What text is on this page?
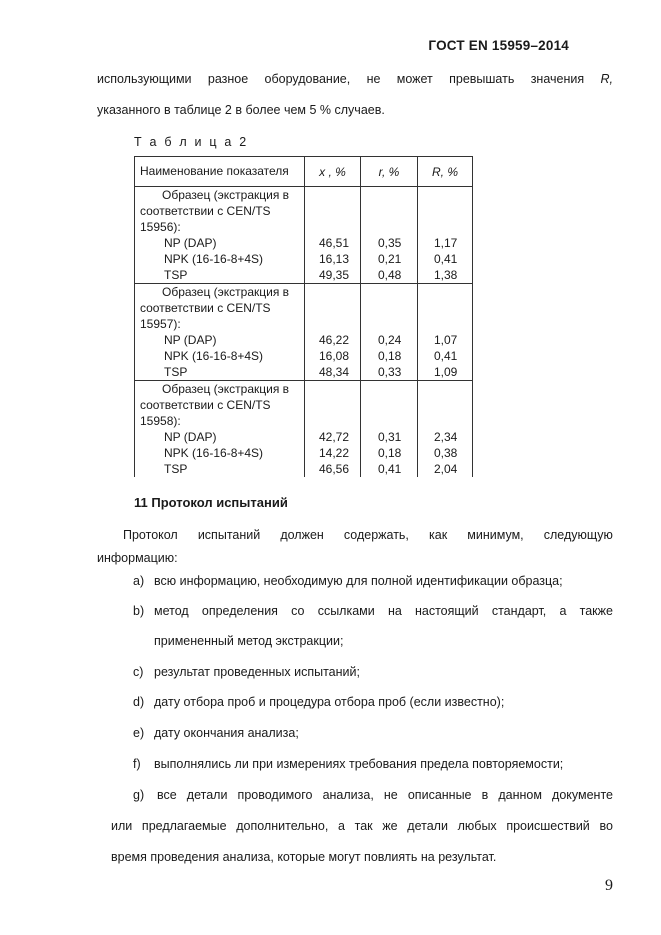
ГОСТ EN 15959–2014
использующими разное оборудование, не может превышать значения R,
указанного в таблице 2 в более чем 5 % случаев.
Т а б л и ц а 2
Наименование показателя	x , %	r, %	R, %

Образец (экстракция в соответствии с CEN/TS 15956):			

NP (DAP)	46,51	0,35	1,17
NPK (16-16-8+4S)	16,13	0,21	0,41
TSP	49,35	0,48	1,38

Образец (экстракция в соответствии с CEN/TS 15957):			

NP (DAP)	46,22	0,24	1,07
NPK (16-16-8+4S)	16,08	0,18	0,41
TSP	48,34	0,33	1,09

Образец (экстракция в соответствии с CEN/TS 15958):			

NP (DAP)	42,72	0,31	2,34
NPK (16-16-8+4S)	14,22	0,18	0,38
TSP	46,56	0,41	2,04
11 Протокол испытаний
Протокол испытаний должен содержать, как минимум, следующую
информацию:
а) всю информацию, необходимую для полной идентификации образца;
b) метод определения со ссылками на настоящий стандарт, а также
примененный метод экстракции;
с) результат проведенных испытаний;
d) дату отбора проб и процедура отбора проб (если известно);
е) дату окончания анализа;
f) выполнялись ли при измерениях требования предела повторяемости;
g) все детали проводимого анализа, не описанные в данном документе
или предлагаемые дополнительно, а так же детали любых происшествий во
время проведения анализа, которые могут повлиять на результат.
9
